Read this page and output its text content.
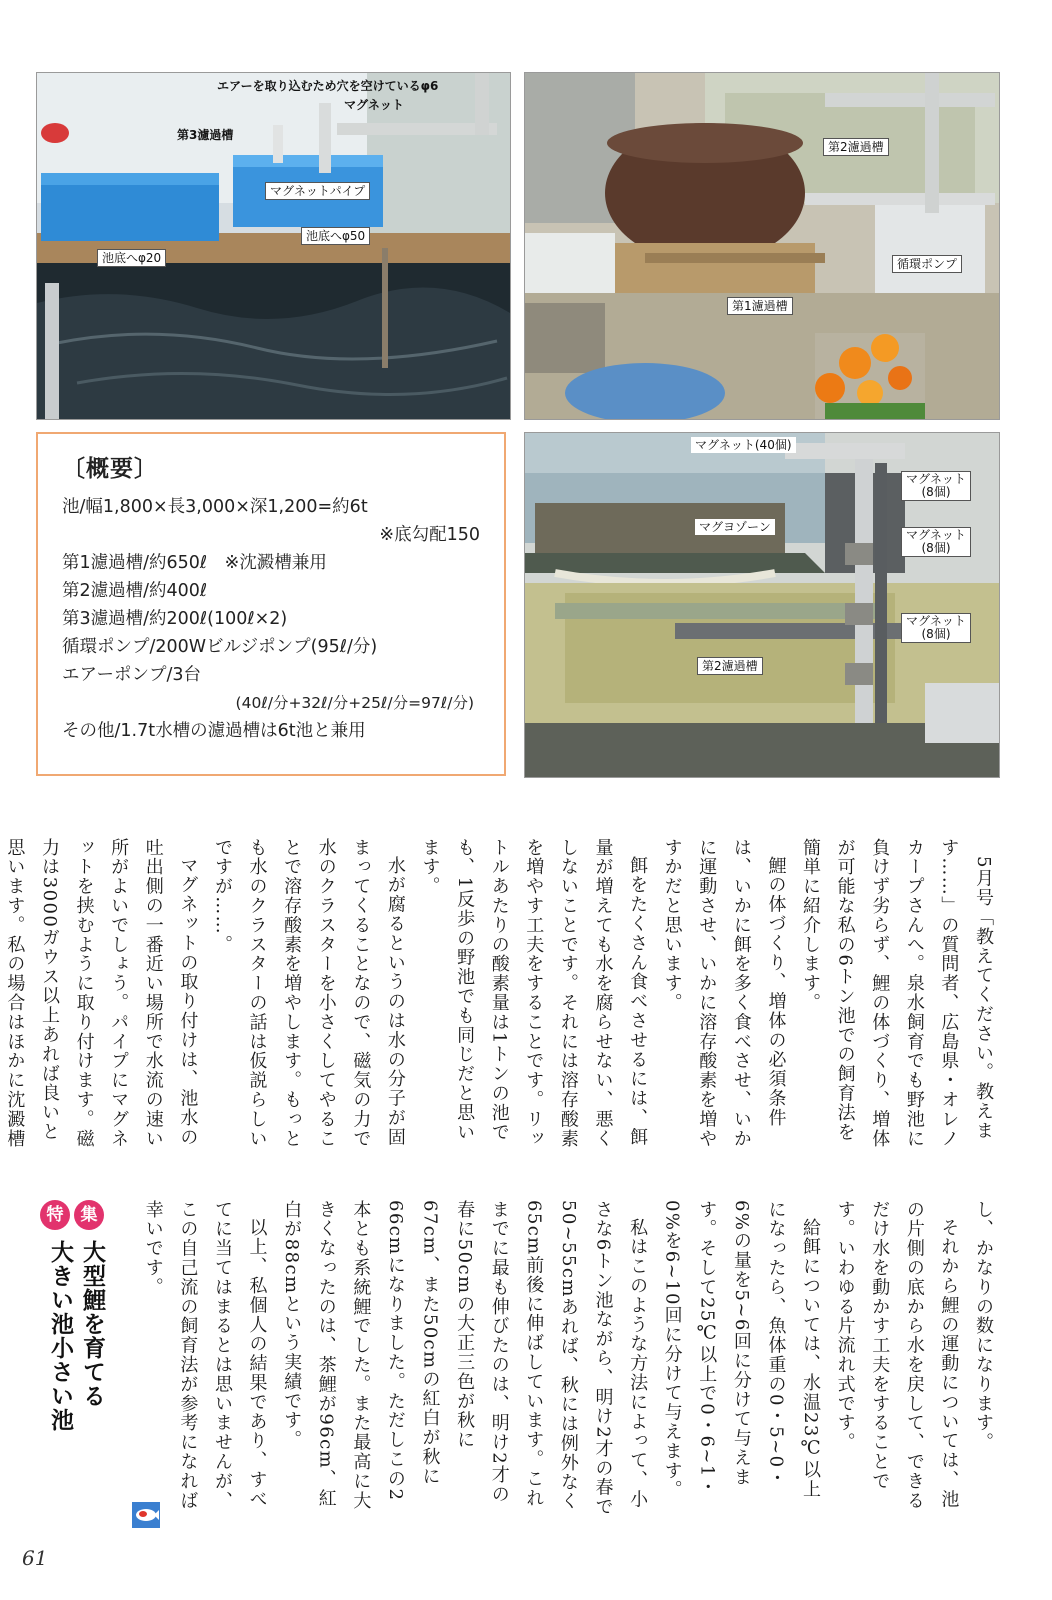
エアーを取り込むため穴を空けているφ6
マグネット
第3濾過槽
マグネットパイプ
池底へφ50
池底へφ20
第2濾過槽
循環ポンプ
第1濾過槽
〔概要〕
池/幅1,800×長3,000×深1,200=約6t
※底勾配150
第1濾過槽/約650ℓ　※沈澱槽兼用
第2濾過槽/約400ℓ
第3濾過槽/約200ℓ(100ℓ×2)
循環ポンプ/200Wビルジポンプ(95ℓ/分)
エアーポンプ/3台
(40ℓ/分+32ℓ/分+25ℓ/分=97ℓ/分)
その他/1.7t水槽の濾過槽は6t池と兼用
マグネット(40個)
マグネット(8個)
マグネット(8個)
マグネット(8個)
マグヨゾーン
第2濾過槽

5月号「教えてください。教えます……」の質問者、広島県・オレノカープさんへ。泉水飼育でも野池に負けず劣らず、鯉の体づくり、増体が可能な私の6トン池での飼育法を簡単に紹介します。

鯉の体づくり、増体の必須条件は、いかに餌を多く食べさせ、いかに運動させ、いかに溶存酸素を増やすかだと思います。

餌をたくさん食べさせるには、餌量が増えても水を腐らせない、悪くしないことです。それには溶存酸素を増やす工夫をすることです。リットルあたりの酸素量は1トンの池でも、1反歩の野池でも同じだと思います。

水が腐るというのは水の分子が固まってくることなので、磁気の力で水のクラスターを小さくしてやることで溶存酸素を増やします。もっとも水のクラスターの話は仮説らしいですが……。

マグネットの取り付けは、池水の吐出側の一番近い場所で水流の速い所がよいでしょう。パイプにマグネットを挟むように取り付けます。磁力は3000ガウス以上あれば良いと思います。私の場合はほかに沈澱槽

し、かなりの数になります。

それから鯉の運動については、池の片側の底から水を戻して、できるだけ水を動かす工夫をすることです。いわゆる片流れ式です。

給餌については、水温23℃以上になったら、魚体重の0・5~0・6%の量を5~6回に分けて与えます。そして25℃以上で0・6~1・0%を6~10回に分けて与えます。

私はこのような方法によって、小さな6トン池ながら、明け2才の春で50~55cmあれば、秋には例外なく65cm前後に伸ばしています。これまでに最も伸びたのは、明け2才の春に50cmの大正三色が秋に67cm、また50cmの紅白が秋に66cmになりました。ただしこの2本とも系統鯉でした。また最高に大きくなったのは、茶鯉が96cm、紅白が88cmという実績です。

以上、私個人の結果であり、すべてに当てはまるとは思いませんが、この自己流の飼育法が参考になれば幸いです。

特	集
大型鯉を育てる
大きい池小さい池
61
